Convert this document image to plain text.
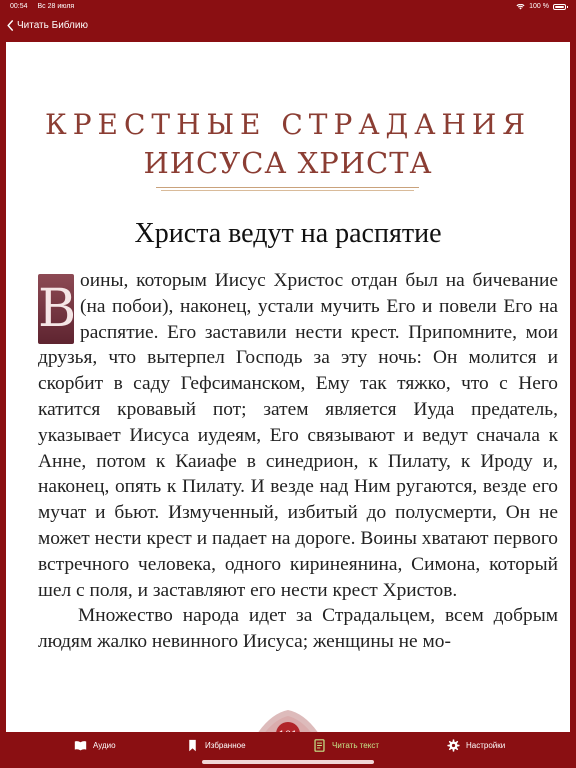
00:54 Вс 28 июля	100 %
Читать Библию
КРЕСТНЫЕ СТРАДАНИЯ
ИИСУСА ХРИСТА
Христа ведут на распятие

В оины, которым Иисус Христос отдан был на бичевание (на побои), наконец, устали мучить Его и повели Его на распятие. Его заставили нести крест. Припомните, мои друзья, что вытерпел Господь за эту ночь: Он молится и скорбит в саду Гефсиманском, Ему так тяжко, что с Него катится кровавый пот; затем является Иуда предатель, указывает Иисуса иудеям, Его связывают и ведут сначала к Анне, потом к Каиафе в синедрион, к Пилату, к Ироду и, наконец, опять к Пилату. И везде над Ним ругаются, везде его мучат и бьют. Измученный, избитый до полусмерти, Он не может нести крест и падает на дороге. Воины хватают первого встречного человека, одного киринеянина, Симона, который шел с поля, и заставляют его нести крест Христов.

Множество народа идет за Страдальцем, всем добрым людям жалко невинного Иисуса; женщины не мо-

Аудио	Избранное	Читать текст	Настройки
